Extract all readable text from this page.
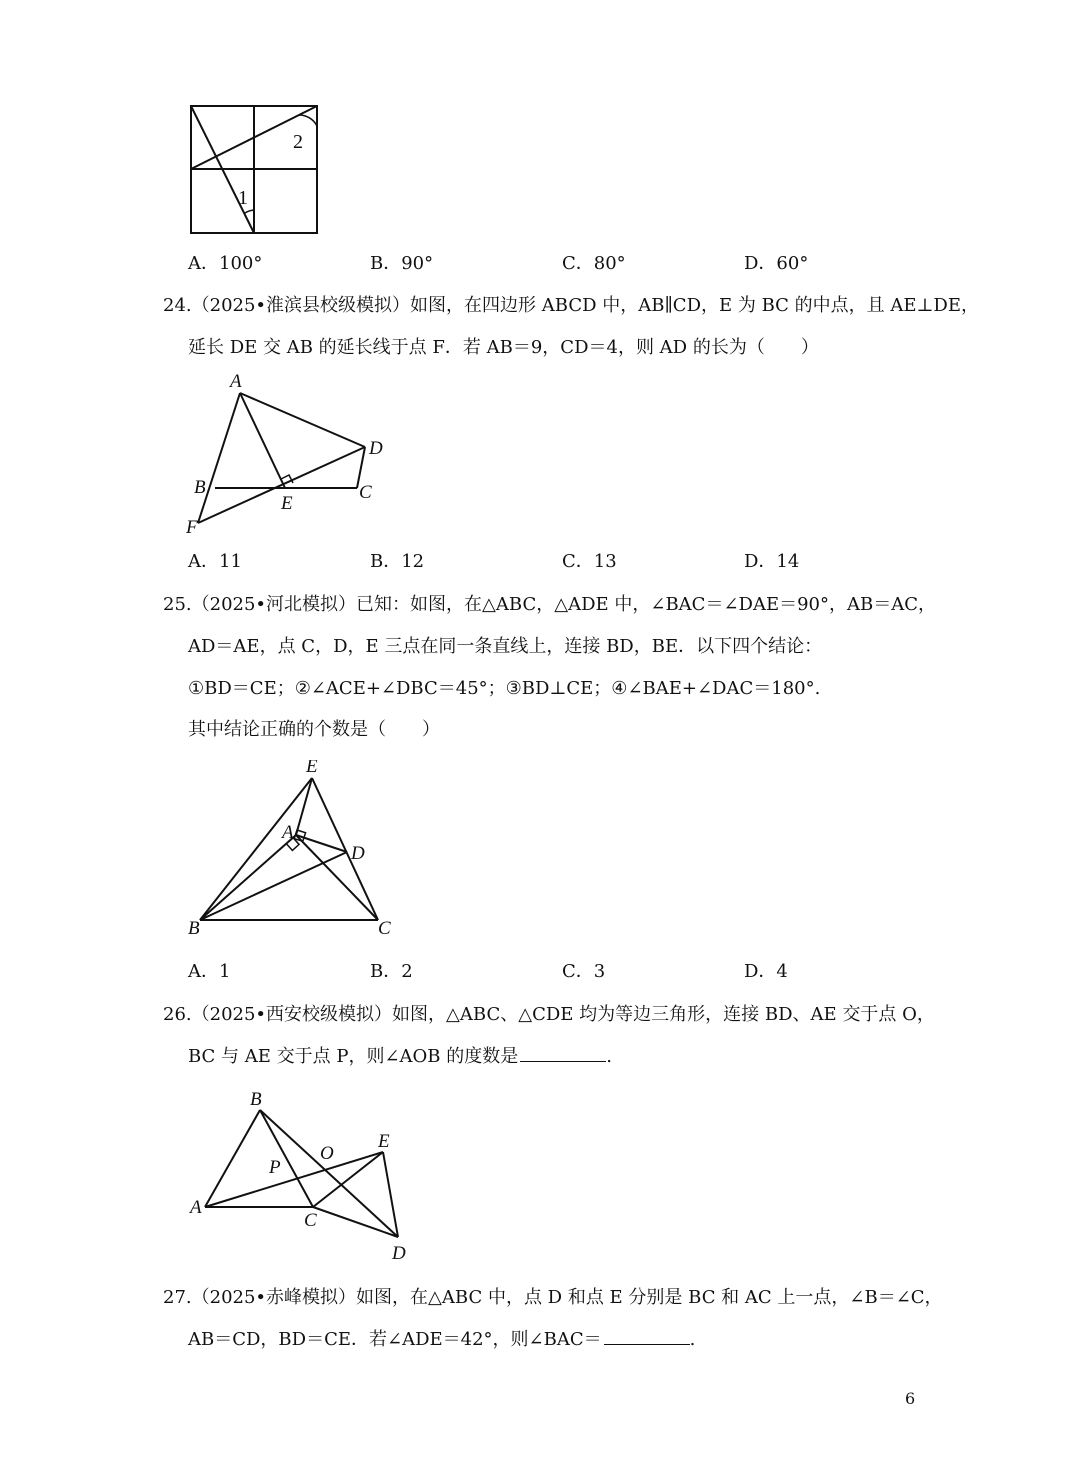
2
1
A．100°	B．90°	C．80°	D．60°
24.（2025•淮滨县校级模拟）如图，在四边形 ABCD 中，AB∥CD，E 为 BC 的中点，且 AE⊥DE，
延长 DE 交 AB 的延长线于点 F．若 AB＝9，CD＝4，则 AD 的长为（　　）
A
D
B	C
E
F
A．11	B．12	C．13	D．14
25.（2025•河北模拟）已知：如图，在△ABC，△ADE 中，∠BAC＝∠DAE＝90°，AB＝AC，
AD＝AE，点 C，D，E 三点在同一条直线上，连接 BD，BE．以下四个结论：
①BD＝CE；②∠ACE+∠DBC＝45°；③BD⊥CE；④∠BAE+∠DAC＝180°.
其中结论正确的个数是（　　）
E
A
D
B	C
A．1	B．2	C．3	D．4
26.（2025•西安校级模拟）如图，△ABC、△CDE 均为等边三角形，连接 BD、AE 交于点 O，
BC 与 AE 交于点 P，则∠AOB 的度数是	.
B
O
E
P
A
C
D
27.（2025•赤峰模拟）如图，在△ABC 中，点 D 和点 E 分别是 BC 和 AC 上一点，∠B＝∠C，
AB＝CD，BD＝CE．若∠ADE＝42°，则∠BAC＝	.
6
